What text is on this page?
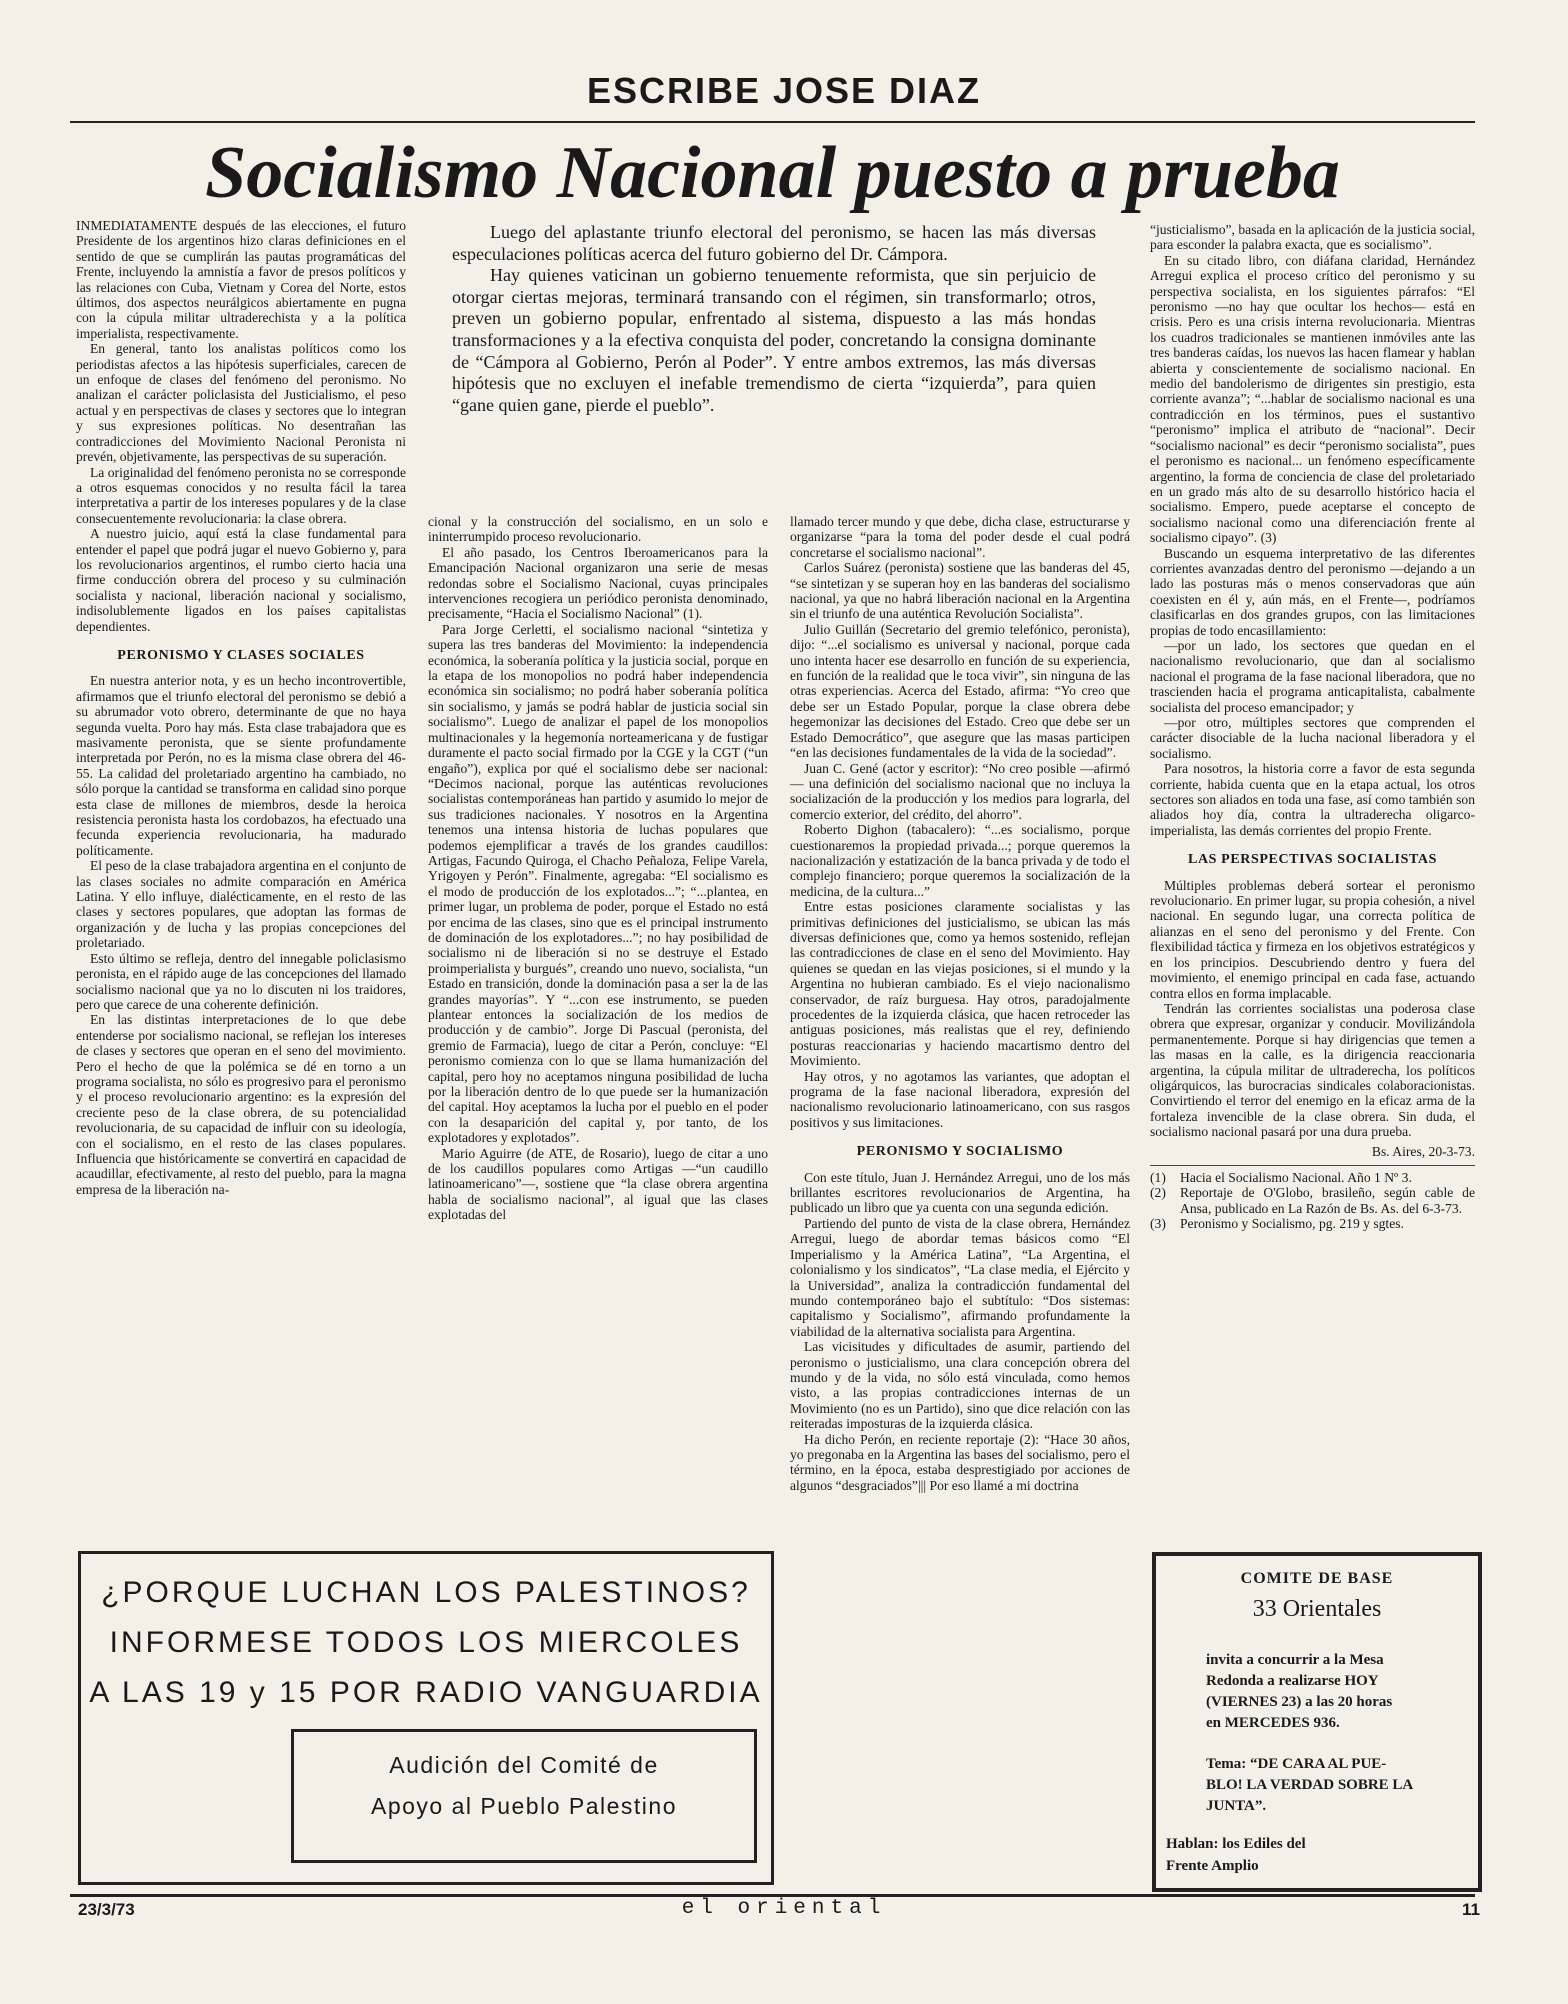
ESCRIBE JOSE DIAZ
Socialismo Nacional puesto a prueba

INMEDIATAMENTE después de las elecciones, el futuro Presidente de los argentinos hizo claras definiciones en el sentido de que se cumplirán las pautas programáticas del Frente, incluyendo la amnistía a favor de presos políticos y las relaciones con Cuba, Vietnam y Corea del Norte, estos últimos, dos aspectos neurálgicos abiertamente en pugna con la cúpula militar ultraderechista y a la política imperialista, respectivamente.

En general, tanto los analistas políticos como los periodistas afectos a las hipótesis superficiales, carecen de un enfoque de clases del fenómeno del peronismo. No analizan el carácter policlasista del Justicialismo, el peso actual y en perspectivas de clases y sectores que lo integran y sus expresiones políticas. No desentrañan las contradicciones del Movimiento Nacional Peronista ni prevén, objetivamente, las perspectivas de su superación.

La originalidad del fenómeno peronista no se corresponde a otros esquemas conocidos y no resulta fácil la tarea interpretativa a partir de los intereses populares y de la clase consecuentemente revolucionaria: la clase obrera.

A nuestro juicio, aquí está la clase fundamental para entender el papel que podrá jugar el nuevo Gobierno y, para los revolucionarios argentinos, el rumbo cierto hacia una firme conducción obrera del proceso y su culminación socialista y nacional, liberación nacional y socialismo, indisolublemente ligados en los países capitalistas dependientes.

PERONISMO Y CLASES SOCIALES

En nuestra anterior nota, y es un hecho incontrovertible, afirmamos que el triunfo electoral del peronismo se debió a su abrumador voto obrero, determinante de que no haya segunda vuelta. Poro hay más. Esta clase trabajadora que es masivamente peronista, que se siente profundamente interpretada por Perón, no es la misma clase obrera del 46-55. La calidad del proletariado argentino ha cambiado, no sólo porque la cantidad se transforma en calidad sino porque esta clase de millones de miembros, desde la heroica resistencia peronista hasta los cordobazos, ha efectuado una fecunda experiencia revolucionaria, ha madurado políticamente.

El peso de la clase trabajadora argentina en el conjunto de las clases sociales no admite comparación en América Latina. Y ello influye, dialécticamente, en el resto de las clases y sectores populares, que adoptan las formas de organización y de lucha y las propias concepciones del proletariado.

Esto último se refleja, dentro del innegable policlasismo peronista, en el rápido auge de las concepciones del llamado socialismo nacional que ya no lo discuten ni los traidores, pero que carece de una coherente definición.

En las distintas interpretaciones de lo que debe entenderse por socialismo nacional, se reflejan los intereses de clases y sectores que operan en el seno del movimiento. Pero el hecho de que la polémica se dé en torno a un programa socialista, no sólo es progresivo para el peronismo y el proceso revolucionario argentino: es la expresión del creciente peso de la clase obrera, de su potencialidad revolucionaria, de su capacidad de influir con su ideología, con el socialismo, en el resto de las clases populares. Influencia que históricamente se convertirá en capacidad de acaudillar, efectivamente, al resto del pueblo, para la magna empresa de la liberación na-

Luego del aplastante triunfo electoral del peronismo, se hacen las más diversas especulaciones políticas acerca del futuro gobierno del Dr. Cámpora.

Hay quienes vaticinan un gobierno tenuemente reformista, que sin perjuicio de otorgar ciertas mejoras, terminará transando con el régimen, sin transformarlo; otros, preven un gobierno popular, enfrentado al sistema, dispuesto a las más hondas transformaciones y a la efectiva conquista del poder, concretando la consigna dominante de “Cámpora al Gobierno, Perón al Poder”. Y entre ambos extremos, las más diversas hipótesis que no excluyen el inefable tremendismo de cierta “izquierda”, para quien “gane quien gane, pierde el pueblo”.

cional y la construcción del socialismo, en un solo e ininterrumpido proceso revolucionario.

El año pasado, los Centros Iberoamericanos para la Emancipación Nacional organizaron una serie de mesas redondas sobre el Socialismo Nacional, cuyas principales intervenciones recogiera un periódico peronista denominado, precisamente, “Hacia el Socialismo Nacional” (1).

Para Jorge Cerletti, el socialismo nacional “sintetiza y supera las tres banderas del Movimiento: la independencia económica, la soberanía política y la justicia social, porque en la etapa de los monopolios no podrá haber independencia económica sin socialismo; no podrá haber soberanía política sin socialismo, y jamás se podrá hablar de justicia social sin socialismo”. Luego de analizar el papel de los monopolios multinacionales y la hegemonía norteamericana y de fustigar duramente el pacto social firmado por la CGE y la CGT (“un engaño”), explica por qué el socialismo debe ser nacional: “Decimos nacional, porque las auténticas revoluciones socialistas contemporáneas han partido y asumido lo mejor de sus tradiciones nacionales. Y nosotros en la Argentina tenemos una intensa historia de luchas populares que podemos ejemplificar a través de los grandes caudillos: Artigas, Facundo Quiroga, el Chacho Peñaloza, Felipe Varela, Yrigoyen y Perón”. Finalmente, agregaba: “El socialismo es el modo de producción de los explotados...”; “...plantea, en primer lugar, un problema de poder, porque el Estado no está por encima de las clases, sino que es el principal instrumento de dominación de los explotadores...”; no hay posibilidad de socialismo ni de liberación si no se destruye el Estado proimperialista y burgués”, creando uno nuevo, socialista, “un Estado en transición, donde la dominación pasa a ser la de las grandes mayorías”. Y “...con ese instrumento, se pueden plantear entonces la socialización de los medios de producción y de cambio”. Jorge Di Pascual (peronista, del gremio de Farmacia), luego de citar a Perón, concluye: “El peronismo comienza con lo que se llama humanización del capital, pero hoy no aceptamos ninguna posibilidad de lucha por la liberación dentro de lo que puede ser la humanización del capital. Hoy aceptamos la lucha por el pueblo en el poder con la desaparición del capital y, por tanto, de los explotadores y explotados”.

Mario Aguirre (de ATE, de Rosario), luego de citar a uno de los caudillos populares como Artigas —“un caudillo latinoamericano”—, sostiene que “la clase obrera argentina habla de socialismo nacional”, al igual que las clases explotadas del

llamado tercer mundo y que debe, dicha clase, estructurarse y organizarse “para la toma del poder desde el cual podrá concretarse el socialismo nacional”.

Carlos Suárez (peronista) sostiene que las banderas del 45, “se sintetizan y se superan hoy en las banderas del socialismo nacional, ya que no habrá liberación nacional en la Argentina sin el triunfo de una auténtica Revolución Socialista”.

Julio Guillán (Secretario del gremio telefónico, peronista), dijo: “...el socialismo es universal y nacional, porque cada uno intenta hacer ese desarrollo en función de su experiencia, en función de la realidad que le toca vivir”, sin ninguna de las otras experiencias. Acerca del Estado, afirma: “Yo creo que debe ser un Estado Popular, porque la clase obrera debe hegemonizar las decisiones del Estado. Creo que debe ser un Estado Democrático”, que asegure que las masas participen “en las decisiones fundamentales de la vida de la sociedad”.

Juan C. Gené (actor y escritor): “No creo posible —afirmó— una definición del socialismo nacional que no incluya la socialización de la producción y los medios para lograrla, del comercio exterior, del crédito, del ahorro”.

Roberto Dighon (tabacalero): “...es socialismo, porque cuestionaremos la propiedad privada...; porque queremos la nacionalización y estatización de la banca privada y de todo el complejo financiero; porque queremos la socialización de la medicina, de la cultura...”

Entre estas posiciones claramente socialistas y las primitivas definiciones del justicialismo, se ubican las más diversas definiciones que, como ya hemos sostenido, reflejan las contradicciones de clase en el seno del Movimiento. Hay quienes se quedan en las viejas posiciones, si el mundo y la Argentina no hubieran cambiado. Es el viejo nacionalismo conservador, de raíz burguesa. Hay otros, paradojalmente procedentes de la izquierda clásica, que hacen retroceder las antiguas posiciones, más realistas que el rey, definiendo posturas reaccionarias y haciendo macartismo dentro del Movimiento.

Hay otros, y no agotamos las variantes, que adoptan el programa de la fase nacional liberadora, expresión del nacionalismo revolucionario latinoamericano, con sus rasgos positivos y sus limitaciones.

PERONISMO Y SOCIALISMO

Con este título, Juan J. Hernández Arregui, uno de los más brillantes escritores revolucionarios de Argentina, ha publicado un libro que ya cuenta con una segunda edición.

Partiendo del punto de vista de la clase obrera, Hernández Arregui, luego de abordar temas básicos como “El Imperialismo y la América Latina”, “La Argentina, el colonialismo y los sindicatos”, “La clase media, el Ejército y la Universidad”, analiza la contradicción fundamental del mundo contemporáneo bajo el subtítulo: “Dos sistemas: capitalismo y Socialismo”, afirmando profundamente la viabilidad de la alternativa socialista para Argentina.

Las vicisitudes y dificultades de asumir, partiendo del peronismo o justicialismo, una clara concepción obrera del mundo y de la vida, no sólo está vinculada, como hemos visto, a las propias contradicciones internas de un Movimiento (no es un Partido), sino que dice relación con las reiteradas imposturas de la izquierda clásica.

Ha dicho Perón, en reciente reportaje (2): “Hace 30 años, yo pregonaba en la Argentina las bases del socialismo, pero el término, en la época, estaba desprestigiado por acciones de algunos “desgraciados”||| Por eso llamé a mi doctrina

“justicialismo”, basada en la aplicación de la justicia social, para esconder la palabra exacta, que es socialismo”.

En su citado libro, con diáfana claridad, Hernández Arregui explica el proceso crítico del peronismo y su perspectiva socialista, en los siguientes párrafos: “El peronismo —no hay que ocultar los hechos— está en crisis. Pero es una crisis interna revolucionaria. Mientras los cuadros tradicionales se mantienen inmóviles ante las tres banderas caídas, los nuevos las hacen flamear y hablan abierta y conscientemente de socialismo nacional. En medio del bandolerismo de dirigentes sin prestigio, esta corriente avanza”; “...hablar de socialismo nacional es una contradicción en los términos, pues el sustantivo “peronismo” implica el atributo de “nacional”. Decir “socialismo nacional” es decir “peronismo socialista”, pues el peronismo es nacional... un fenómeno específicamente argentino, la forma de conciencia de clase del proletariado en un grado más alto de su desarrollo histórico hacia el socialismo. Empero, puede aceptarse el concepto de socialismo nacional como una diferenciación frente al socialismo cipayo”. (3)

Buscando un esquema interpretativo de las diferentes corrientes avanzadas dentro del peronismo —dejando a un lado las posturas más o menos conservadoras que aún coexisten en él y, aún más, en el Frente—, podríamos clasificarlas en dos grandes grupos, con las limitaciones propias de todo encasillamiento:

—por un lado, los sectores que quedan en el nacionalismo revolucionario, que dan al socialismo nacional el programa de la fase nacional liberadora, que no trascienden hacia el programa anticapitalista, cabalmente socialista del proceso emancipador; y

—por otro, múltiples sectores que comprenden el carácter disociable de la lucha nacional liberadora y el socialismo.

Para nosotros, la historia corre a favor de esta segunda corriente, habida cuenta que en la etapa actual, los otros sectores son aliados en toda una fase, así como también son aliados hoy día, contra la ultraderecha oligarco-imperialista, las demás corrientes del propio Frente.

LAS PERSPECTIVAS SOCIALISTAS

Múltiples problemas deberá sortear el peronismo revolucionario. En primer lugar, su propia cohesión, a nivel nacional. En segundo lugar, una correcta política de alianzas en el seno del peronismo y del Frente. Con flexibilidad táctica y firmeza en los objetivos estratégicos y en los principios. Descubriendo dentro y fuera del movimiento, el enemigo principal en cada fase, actuando contra ellos en forma implacable.

Tendrán las corrientes socialistas una poderosa clase obrera que expresar, organizar y conducir. Movilizándola permanentemente. Porque si hay dirigencias que temen a las masas en la calle, es la dirigencia reaccionaria argentina, la cúpula militar de ultraderecha, los políticos oligárquicos, las burocracias sindicales colaboracionistas. Convirtiendo el terror del enemigo en la eficaz arma de la fortaleza invencible de la clase obrera. Sin duda, el socialismo nacional pasará por una dura prueba.

Bs. Aires, 20-3-73.
(1)	Hacia el Socialismo Nacional. Año 1 Nº 3.
(2)	Reportaje de O'Globo, brasileño, según cable de Ansa, publicado en La Razón de Bs. As. del 6-3-73.
(3)	Peronismo y Socialismo, pg. 219 y sgtes.
¿PORQUE LUCHAN LOS PALESTINOS?
INFORMESE TODOS LOS MIERCOLES
A LAS 19 y 15 POR RADIO VANGUARDIA
Audición del Comité de
Apoyo al Pueblo Palestino
COMITE DE BASE
33 Orientales
invita a concurrir a la Mesa
Redonda a realizarse HOY
(VIERNES 23) a las 20 horas
en MERCEDES 936.
Tema: “DE CARA AL PUE-
BLO! LA VERDAD SOBRE LA
JUNTA”.
Hablan: los Ediles del
Frente Amplio
23/3/73	el oriental	11
